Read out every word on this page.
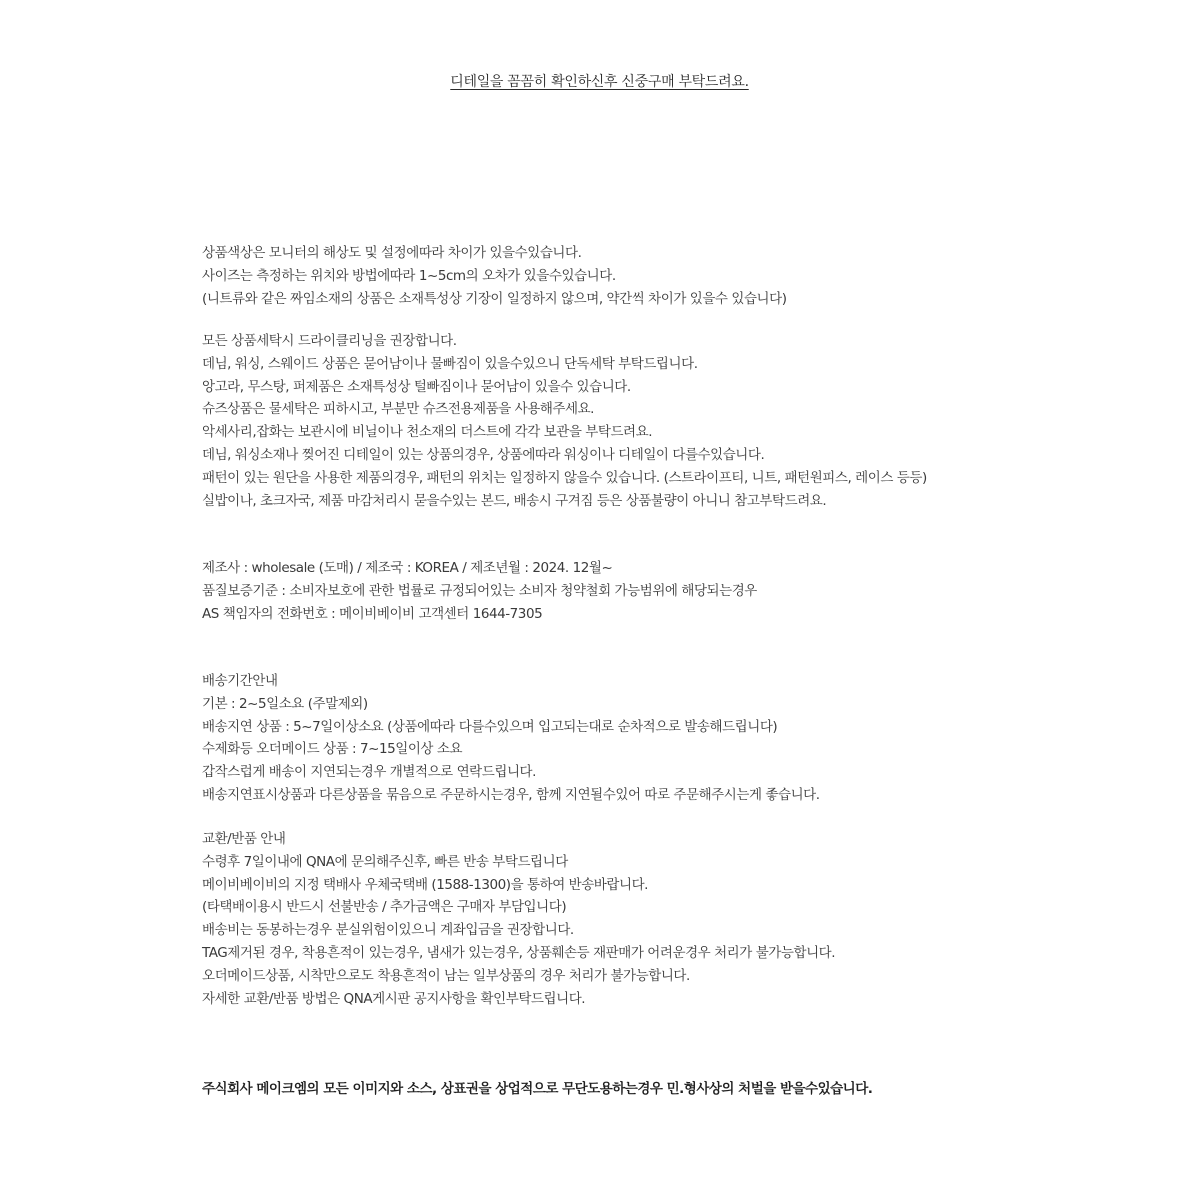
디테일을 꼼꼼히 확인하신후 신중구매 부탁드려요.

상품색상은 모니터의 해상도 및 설정에따라 차이가 있을수있습니다.

사이즈는 측정하는 위치와 방법에따라 1~5cm의 오차가 있을수있습니다.

(니트류와 같은 짜임소재의 상품은 소재특성상 기장이 일정하지 않으며, 약간씩 차이가 있을수 있습니다)

모든 상품세탁시 드라이클리닝을 권장합니다.

데님, 워싱, 스웨이드 상품은 묻어남이나 물빠짐이 있을수있으니 단독세탁 부탁드립니다.

앙고라, 무스탕, 퍼제품은 소재특성상 털빠짐이나 묻어남이 있을수 있습니다.

슈즈상품은 물세탁은 피하시고, 부분만 슈즈전용제품을 사용해주세요.

악세사리,잡화는 보관시에 비닐이나 천소재의 더스트에 각각 보관을 부탁드려요.

데님, 워싱소재나 찢어진 디테일이 있는 상품의경우, 상품에따라 워싱이나 디테일이 다를수있습니다.

패턴이 있는 원단을 사용한 제품의경우, 패턴의 위치는 일정하지 않을수 있습니다. (스트라이프티, 니트, 패턴원피스, 레이스 등등)

실밥이나, 초크자국, 제품 마감처리시 묻을수있는 본드, 배송시 구겨짐 등은 상품불량이 아니니 참고부탁드려요.

제조사 : wholesale (도매) / 제조국 : KOREA / 제조년월 : 2024. 12월~

품질보증기준 : 소비자보호에 관한 법률로 규정되어있는 소비자 청약철회 가능범위에 해당되는경우

AS 책임자의 전화번호 : 메이비베이비 고객센터 1644-7305

배송기간안내

기본 : 2~5일소요 (주말제외)

배송지연 상품 : 5~7일이상소요 (상품에따라 다를수있으며 입고되는대로 순차적으로 발송해드립니다)

수제화등 오더메이드 상품 : 7~15일이상 소요

갑작스럽게 배송이 지연되는경우 개별적으로 연락드립니다.

배송지연표시상품과 다른상품을 묶음으로 주문하시는경우, 함께 지연될수있어 따로 주문해주시는게 좋습니다.

교환/반품 안내

수령후 7일이내에 QNA에 문의해주신후, 빠른 반송 부탁드립니다

메이비베이비의 지정 택배사 우체국택배 (1588-1300)을 통하여 반송바랍니다.

(타택배이용시 반드시 선불반송 / 추가금액은 구매자 부담입니다)

배송비는 동봉하는경우 분실위험이있으니 계좌입금을 권장합니다.

TAG제거된 경우, 착용흔적이 있는경우, 냄새가 있는경우, 상품훼손등 재판매가 어려운경우 처리가 불가능합니다.

오더메이드상품, 시착만으로도 착용흔적이 남는 일부상품의 경우 처리가 불가능합니다.

자세한 교환/반품 방법은 QNA게시판 공지사항을 확인부탁드립니다.

주식회사 메이크엠의 모든 이미지와 소스, 상표권을 상업적으로 무단도용하는경우 민.형사상의 처벌을 받을수있습니다.
